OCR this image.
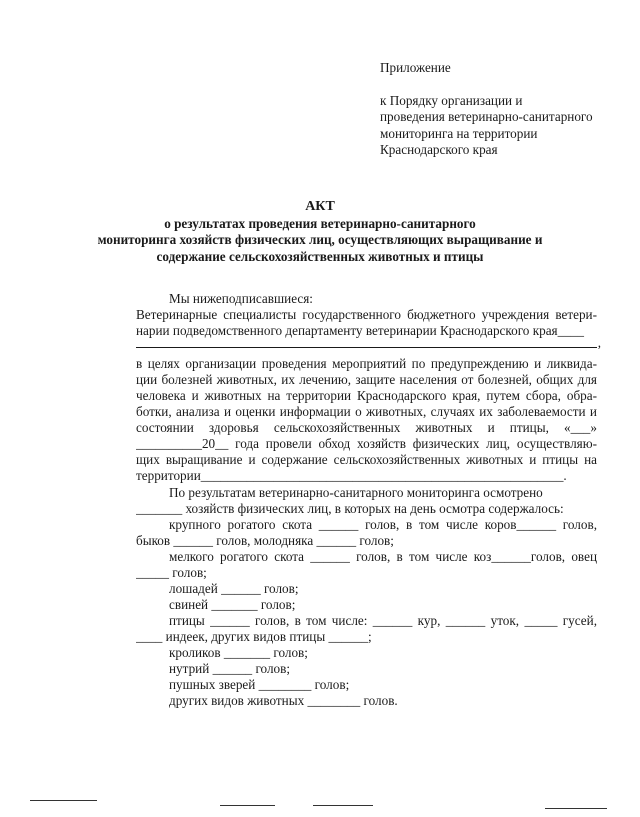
Приложение
к Порядку организации и
проведения ветеринарно-санитарного
мониторинга на территории
Краснодарского края
АКТ
о результатах проведения ветеринарно-санитарного
мониторинга хозяйств физических лиц, осуществляющих выращивание и
содержание сельскохозяйственных животных и птицы
Мы нижеподписавшиеся:
Ветеринарные специалисты государственного бюджетного учреждения ветери-
нарии подведомственного департаменту ветеринарии Краснодарского края____
,
в целях организации проведения мероприятий по предупреждению и ликвида-
ции болезней животных, их лечению, защите населения от болезней, общих для
человека и животных на территории Краснодарского края, путем сбора, обра-
ботки, анализа и оценки информации о животных, случаях их заболеваемости и
состоянии здоровья сельскохозяйственных животных и птицы, «___»
__________20__ года провели обход хозяйств физических лиц, осуществляю-
щих выращивание и содержание сельскохозяйственных животных и птицы на
территории_______________________________________________________.
По результатам ветеринарно-санитарного мониторинга осмотрено
_______ хозяйств физических лиц, в которых на день осмотра содержалось:
крупного рогатого скота ______ голов, в том числе коров______ голов,
быков ______ голов, молодняка ______ голов;
мелкого рогатого скота ______ голов, в том числе коз______голов, овец
_____ голов;
лошадей ______ голов;
свиней _______ голов;
птицы ______ голов, в том числе: ______ кур, ______ уток, _____ гусей,
____ индеек, других видов птицы ______;
кроликов _______ голов;
нутрий ______ голов;
пушных зверей ________ голов;
других видов животных ________ голов.
